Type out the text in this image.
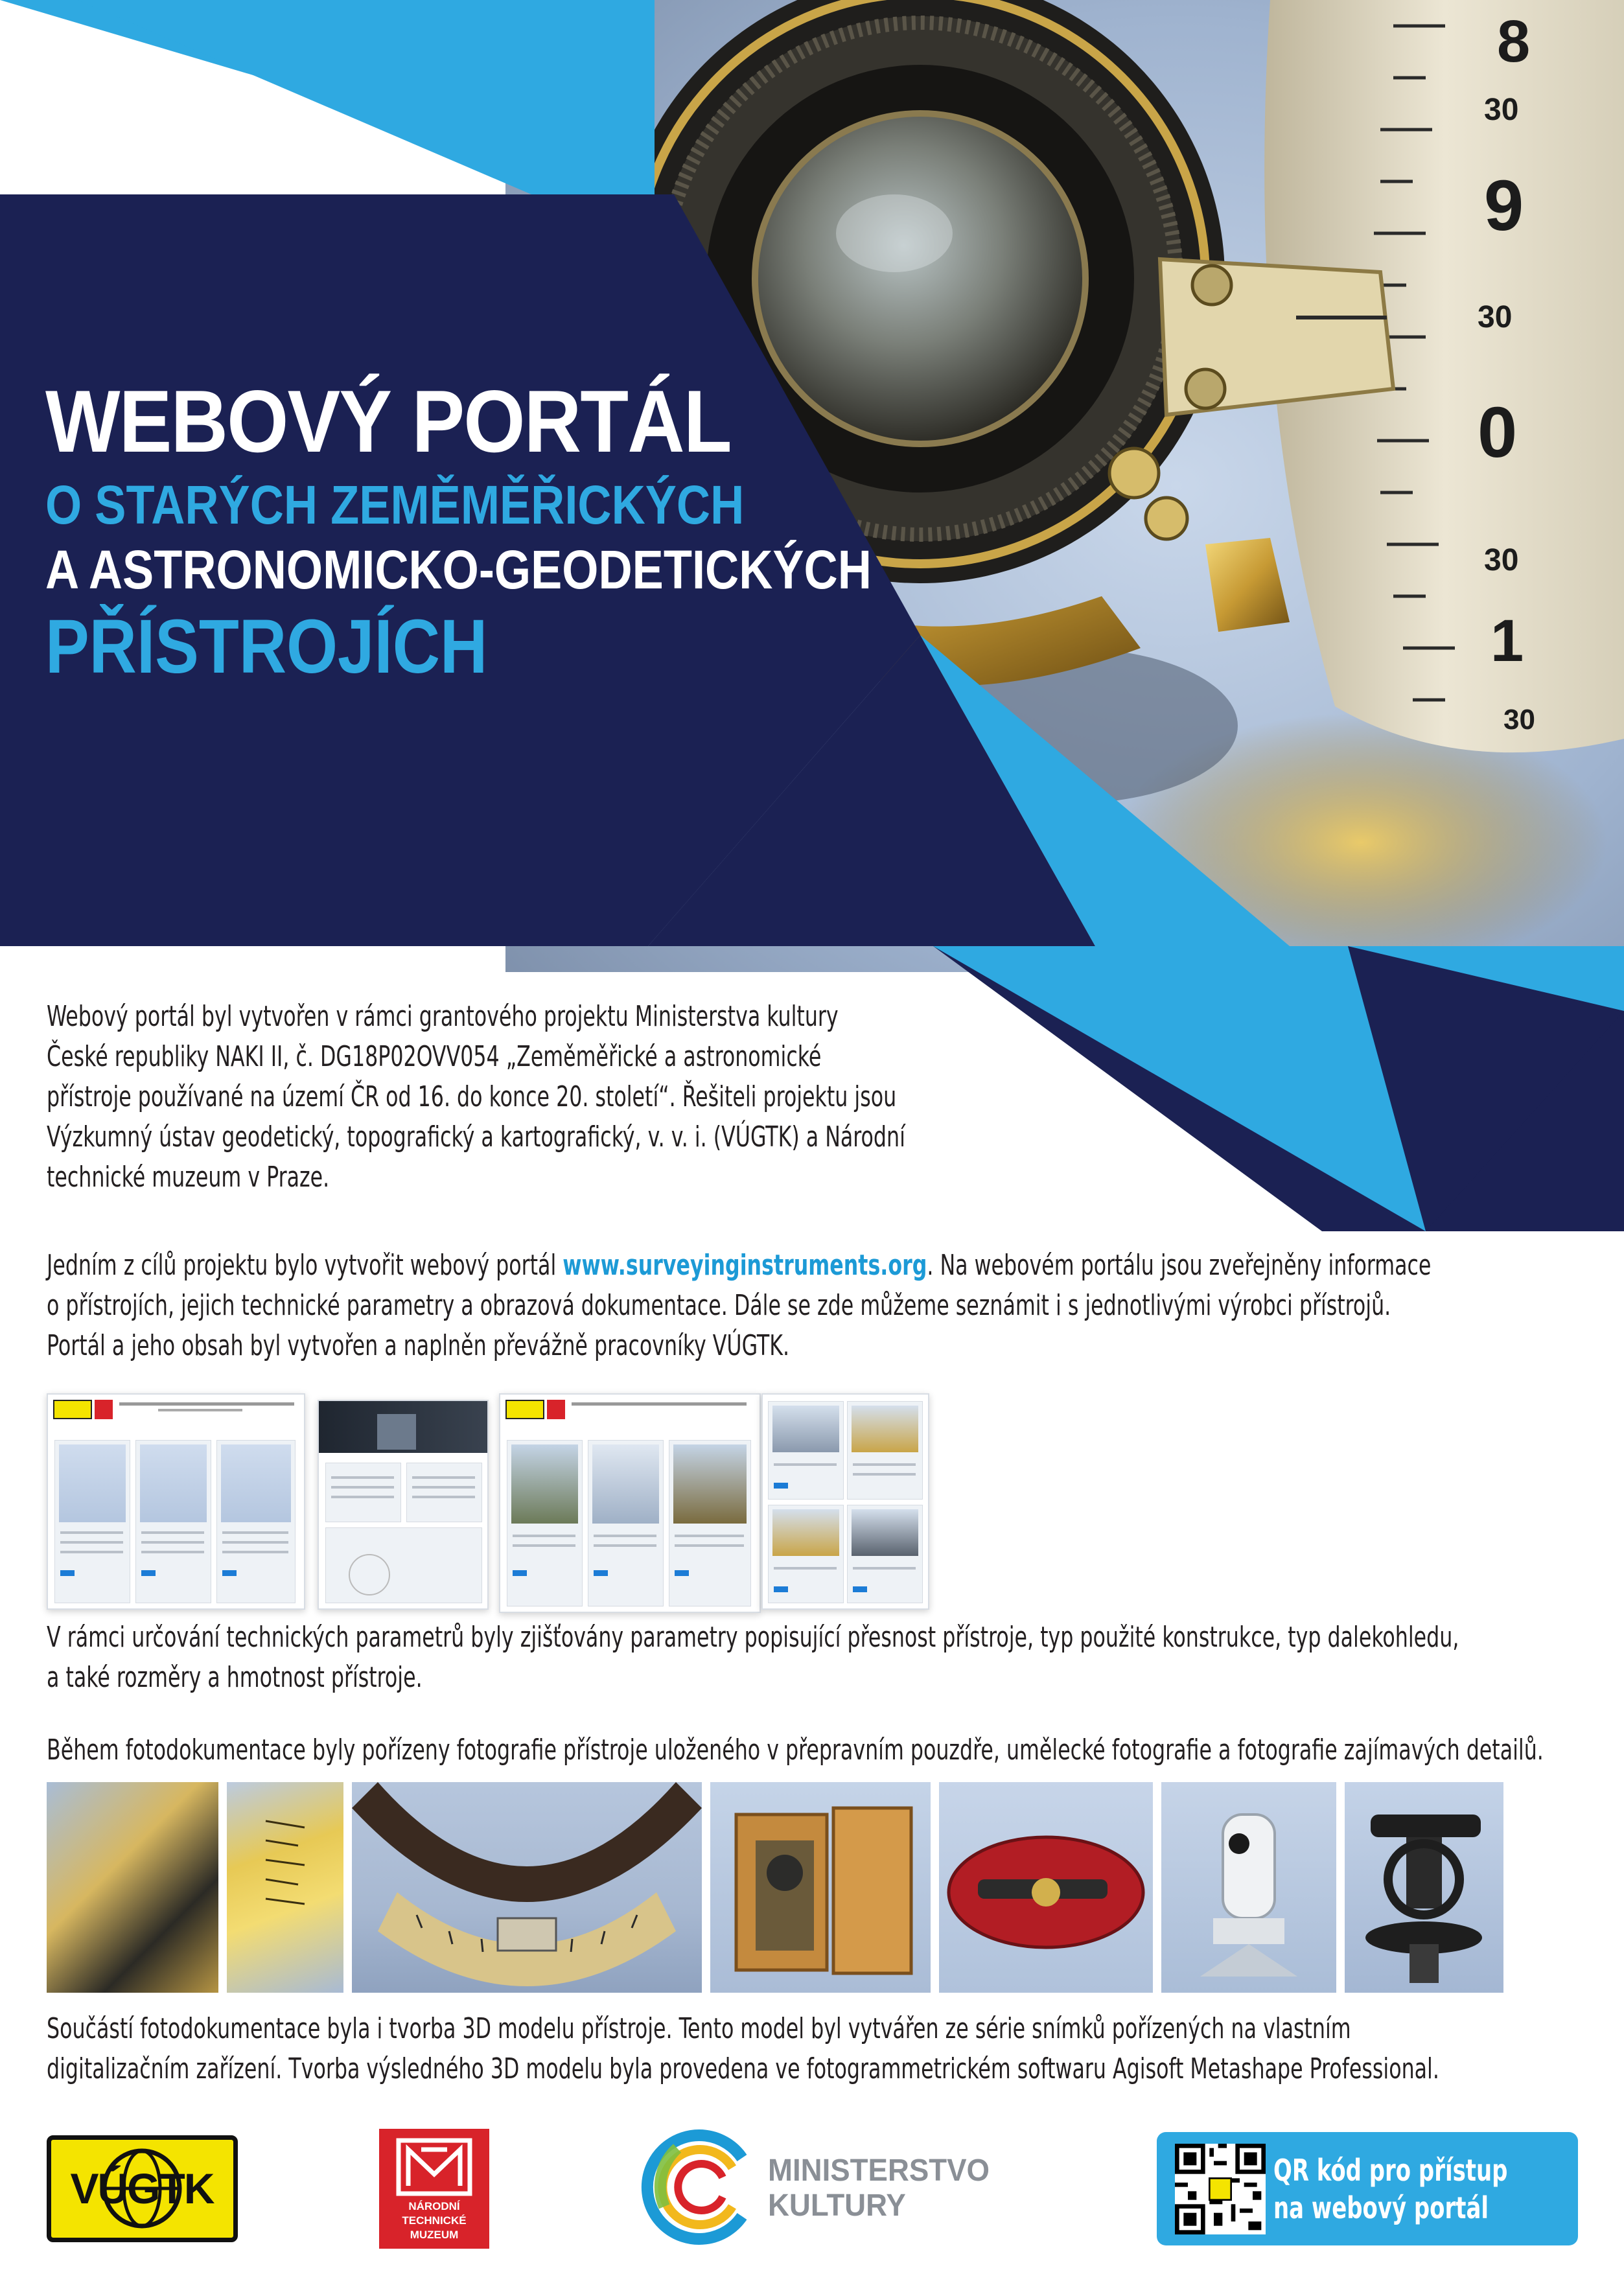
8
30
9
30
0
30
1
30
WEBOVÝ PORTÁL
O STARÝCH ZEMĚMĚŘICKÝCH
A ASTRONOMICKO-GEODETICKÝCH
PŘÍSTROJÍCH
Webový portál byl vytvořen v rámci grantového projektu Ministerstva kultury
České republiky NAKI II, č. DG18P02OVV054 „Zeměměřické a astronomické
přístroje používané na území ČR od 16. do konce 20. století“. Řešiteli projektu jsou
Výzkumný ústav geodetický, topografický a kartografický, v. v. i. (VÚGTK) a Národní
technické muzeum v Praze.
Jedním z cílů projektu bylo vytvořit webový portál www.surveyinginstruments.org. Na webovém portálu jsou zveřejněny informace
o přístrojích, jejich technické parametry a obrazová dokumentace. Dále se zde můžeme seznámit i s jednotlivými výrobci přístrojů.
Portál a jeho obsah byl vytvořen a naplněn převážně pracovníky VÚGTK.
V rámci určování technických parametrů byly zjišťovány parametry popisující přesnost přístroje, typ použité konstrukce, typ dalekohledu,
a také rozměry a hmotnost přístroje.
Během fotodokumentace byly pořízeny fotografie přístroje uloženého v přepravním pouzdře, umělecké fotografie a fotografie zajímavých detailů.
Součástí fotodokumentace byla i tvorba 3D modelu přístroje. Tento model byl vytvářen ze série snímků pořízených na vlastním
digitalizačním zařízení. Tvorba výsledného 3D modelu byla provedena ve fotogrammetrickém softwaru Agisoft Metashape Professional.
VÚGTK	NÁRODNÍ
TECHNICKÉ
MUZEUM
MINISTERSTVO
KULTURY
QR kód pro přístup
na webový portál
